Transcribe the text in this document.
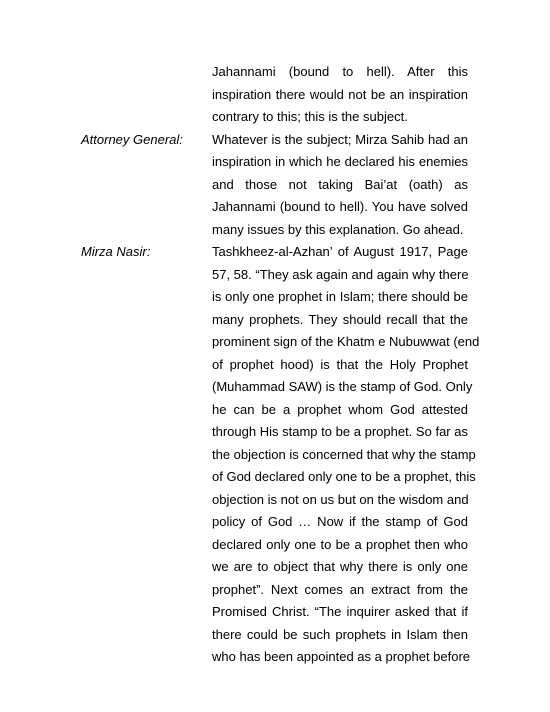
Jahannami (bound to hell). After this
inspiration there would not be an inspiration
contrary to this; this is the subject.
Attorney General:	Whatever is the subject; Mirza Sahib had an
inspiration in which he declared his enemies
and those not taking Bai’at (oath) as
Jahannami (bound to hell). You have solved
many issues by this explanation. Go ahead.
Mirza Nasir:	Tashkheez-al-Azhan’ of August 1917, Page
57, 58. “They ask again and again why there
is only one prophet in Islam; there should be
many prophets. They should recall that the
prominent sign of the Khatm e Nubuwwat (end
of prophet hood) is that the Holy Prophet
(Muhammad SAW) is the stamp of God. Only
he can be a prophet whom God attested
through His stamp to be a prophet. So far as
the objection is concerned that why the stamp
of God declared only one to be a prophet, this
objection is not on us but on the wisdom and
policy of God … Now if the stamp of God
declared only one to be a prophet then who
we are to object that why there is only one
prophet”. Next comes an extract from the
Promised Christ. “The inquirer asked that if
there could be such prophets in Islam then
who has been appointed as a prophet before
